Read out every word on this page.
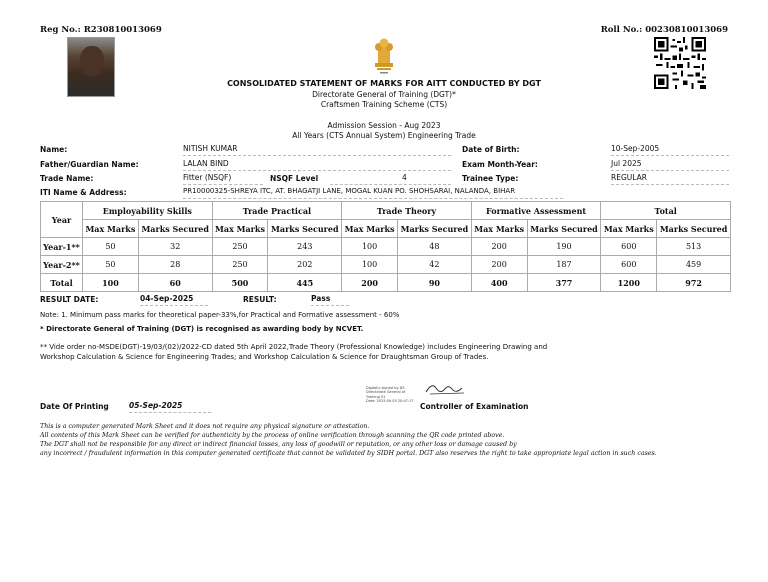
Reg No.: R230810013069	Roll No.: 00230810013069
CONSOLIDATED STATEMENT OF MARKS FOR AITT CONDUCTED BY DGT
Directorate General of Training (DGT)*
Craftsmen Training Scheme (CTS)
Admission Session - Aug 2023
All Years (CTS Annual System) Engineering Trade
Name:	NITISH KUMAR	Date of Birth:	10-Sep-2005
Father/Guardian Name:	LALAN BIND	Exam Month-Year:	Jul 2025
Trade Name:	Fitter (NSQF)	NSQF Level	4	Trainee Type:	REGULAR
ITI Name & Address:	PR10000325-SHREYA ITC, AT. BHAGATJI LANE, MOGAL KUAN PO. SHOHSARAI, NALANDA, BIHAR
Year	Employability Skills		Trade Practical		Trade Theory		Formative Assessment		Total	
	Max Marks	Marks Secured	Max Marks	Marks Secured	Max Marks	Marks Secured	Max Marks	Marks Secured	Max Marks	Marks Secured
Year-1**	50	32	250	243	100	48	200	190	600	513
Year-2**	50	28	250	202	100	42	200	187	600	459
Total	100	60	500	445	200	90	400	377	1200	972
RESULT DATE:	04-Sep-2025	RESULT:	Pass
Note: 1. Minimum pass marks for theoretical paper-33%,for Practical and Formative assessment - 60%
* Directorate General of Training (DGT) is recognised as awarding body by NCVET.
** Vide order no-MSDE(DGT)-19/03/(02)/2022-CD dated 5th April 2022,Trade Theory (Professional Knowledge) includes Engineering Drawing and
Workshop Calculation & Science for Engineering Trades; and Workshop Calculation & Science for Draughtsman Group of Trades.
Digitally signed by DS
Directorate General of
Training 01
Date: 2025.09.05 20:47:17
Controller of Examination
Date Of Printing	05-Sep-2025
This is a computer generated Mark Sheet and it does not require any physical signature or attestation.
All contents of this Mark Sheet can be verified for authenticity by the process of online verification through scanning the QR code printed above.
The DGT shall not be responsible for any direct or indirect financial losses, any loss of goodwill or reputation, or any other loss or damage caused by
any incorrect / fraudulent information in this computer generated certificate that cannot be validated by SIDH portal. DGT also reserves the right to take appropriate legal action in such cases.
